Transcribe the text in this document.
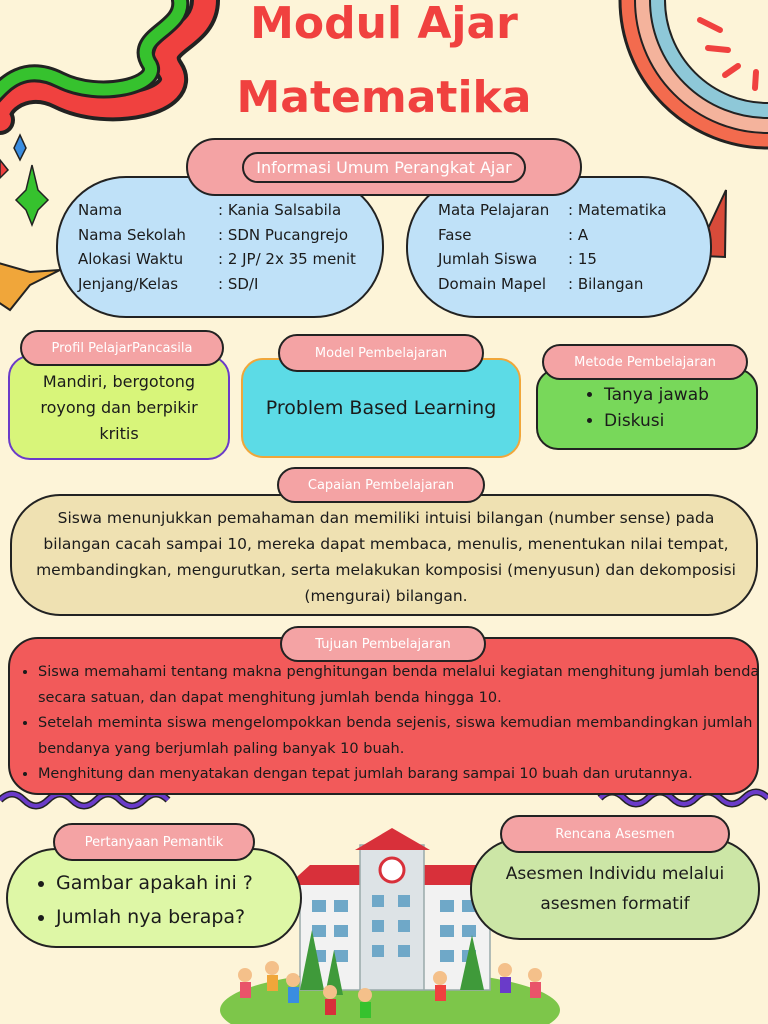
Modul Ajar
Matematika
Informasi Umum Perangkat Ajar
Nama	: Kania Salsabila
Nama Sekolah	: SDN Pucangrejo
Alokasi Waktu	: 2 JP/ 2x 35 menit
Jenjang/Kelas	: SD/I
Mata Pelajaran	: Matematika
Fase	: A
Jumlah Siswa	: 15
Domain Mapel	: Bilangan
Mandiri, bergotong royong dan berpikir kritis
Profil PelajarPancasila
Problem Based Learning
Model Pembelajaran
• Tanya jawab
• Diskusi
Metode Pembelajaran
Siswa menunjukkan pemahaman dan memiliki intuisi bilangan (number sense) pada bilangan cacah sampai 10, mereka dapat membaca, menulis, menentukan nilai tempat, membandingkan, mengurutkan, serta melakukan komposisi (menyusun) dan dekomposisi (mengurai) bilangan.
Capaian Pembelajaran
• Siswa memahami tentang makna penghitungan benda melalui kegiatan menghitung jumlah benda secara satuan, dan dapat menghitung jumlah benda hingga 10.
• Setelah meminta siswa mengelompokkan benda sejenis, siswa kemudian membandingkan jumlah bendanya yang berjumlah paling banyak 10 buah.
• Menghitung dan menyatakan dengan tepat jumlah barang sampai 10 buah dan urutannya.
Tujuan Pembelajaran
• Gambar apakah ini ?
• Jumlah nya berapa?
Pertanyaan Pemantik
Asesmen Individu melalui asesmen formatif
Rencana Asesmen
